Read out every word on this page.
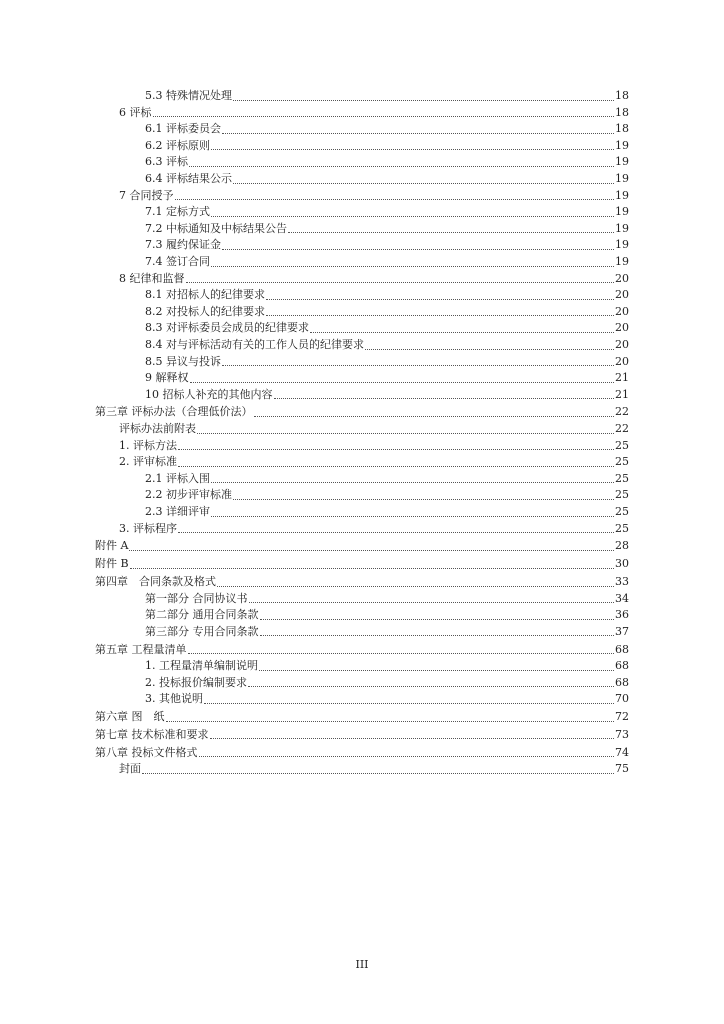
5.3 特殊情况处理	18
6 评标	18
6.1 评标委员会	18
6.2 评标原则	19
6.3 评标	19
6.4 评标结果公示	19
7 合同授予	19
7.1 定标方式	19
7.2 中标通知及中标结果公告	19
7.3 履约保证金	19
7.4 签订合同	19
8 纪律和监督	20
8.1 对招标人的纪律要求	20
8.2 对投标人的纪律要求	20
8.3 对评标委员会成员的纪律要求	20
8.4 对与评标活动有关的工作人员的纪律要求	20
8.5 异议与投诉	20
9 解释权	21
10 招标人补充的其他内容	21
第三章 评标办法（合理低价法）	22
评标办法前附表	22
1. 评标方法	25
2. 评审标准	25
2.1 评标入围	25
2.2 初步评审标准	25
2.3 详细评审	25
3. 评标程序	25
附件 A	28
附件 B	30
第四章　合同条款及格式	33
第一部分 合同协议书	34
第二部分 通用合同条款	36
第三部分 专用合同条款	37
第五章 工程量清单	68
1. 工程量清单编制说明	68
2. 投标报价编制要求	68
3. 其他说明	70
第六章 图　纸	72
第七章 技术标准和要求	73
第八章 投标文件格式	74
封面	75
III
